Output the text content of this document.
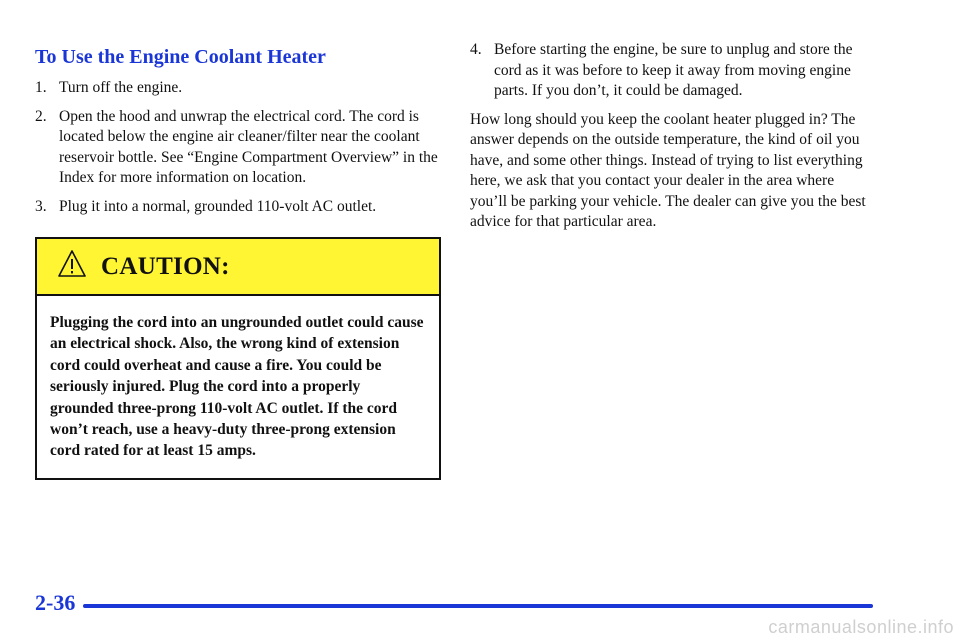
To Use the Engine Coolant Heater
1. Turn off the engine.
2. Open the hood and unwrap the electrical cord. The cord is located below the engine air cleaner/filter near the coolant reservoir bottle. See “Engine Compartment Overview” in the Index for more information on location.
3. Plug it into a normal, grounded 110‐volt AC outlet.
CAUTION:
Plugging the cord into an ungrounded outlet could cause an electrical shock. Also, the wrong kind of extension cord could overheat and cause a fire. You could be seriously injured. Plug the cord into a properly grounded three‐prong 110‐volt AC outlet. If the cord won’t reach, use a heavy‐duty three‐prong extension cord rated for at least 15 amps.
4. Before starting the engine, be sure to unplug and store the cord as it was before to keep it away from moving engine parts. If you don’t, it could be damaged.
How long should you keep the coolant heater plugged in? The answer depends on the outside temperature, the kind of oil you have, and some other things. Instead of trying to list everything here, we ask that you contact your dealer in the area where you’ll be parking your vehicle. The dealer can give you the best advice for that particular area.
2-36
carmanualsonline.info
